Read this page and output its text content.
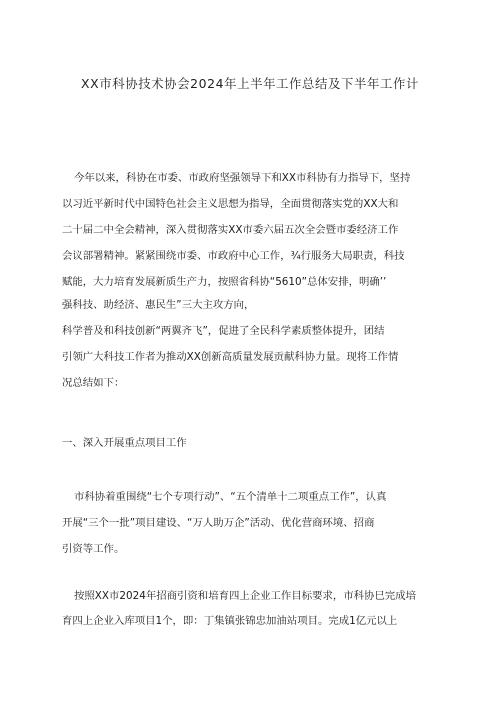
XX市科协技术协会2024年上半年工作总结及下半年工作计
今年以来，科协在市委、市政府坚强领导下和XX市科协有力指导下，坚持
以习近平新时代中国特色社会主义思想为指导，全面贯彻落实党的XX大和
二十届二中全会精神，深入贯彻落实XX市委六届五次全会暨市委经济工作
会议部署精神。紧紧围绕市委、市政府中心工作，¾行服务大局职责，科技
赋能，大力培育发展新质生产力，按照省科协“5610”总体安排，明确’’
强科技、助经济、惠民生”三大主攻方向，
科学普及和科技创新“两翼齐飞”，促进了全民科学素质整体提升，团结
引领广大科技工作者为推动XX创新高质量发展贡献科协力量。现将工作情
况总结如下：
一、深入开展重点项目工作
市科协着重围绕“七个专项行动”、“五个清单十二项重点工作”，认真
开展“三个一批”项目建设、“万人助万企”活动、优化营商环境、招商
引资等工作。
按照XX市2024年招商引资和培育四上企业工作目标要求，市科协巳完成培
育四上企业入库项目1个，即：丁集镇张锦忠加油站项目。完成1亿元以上
